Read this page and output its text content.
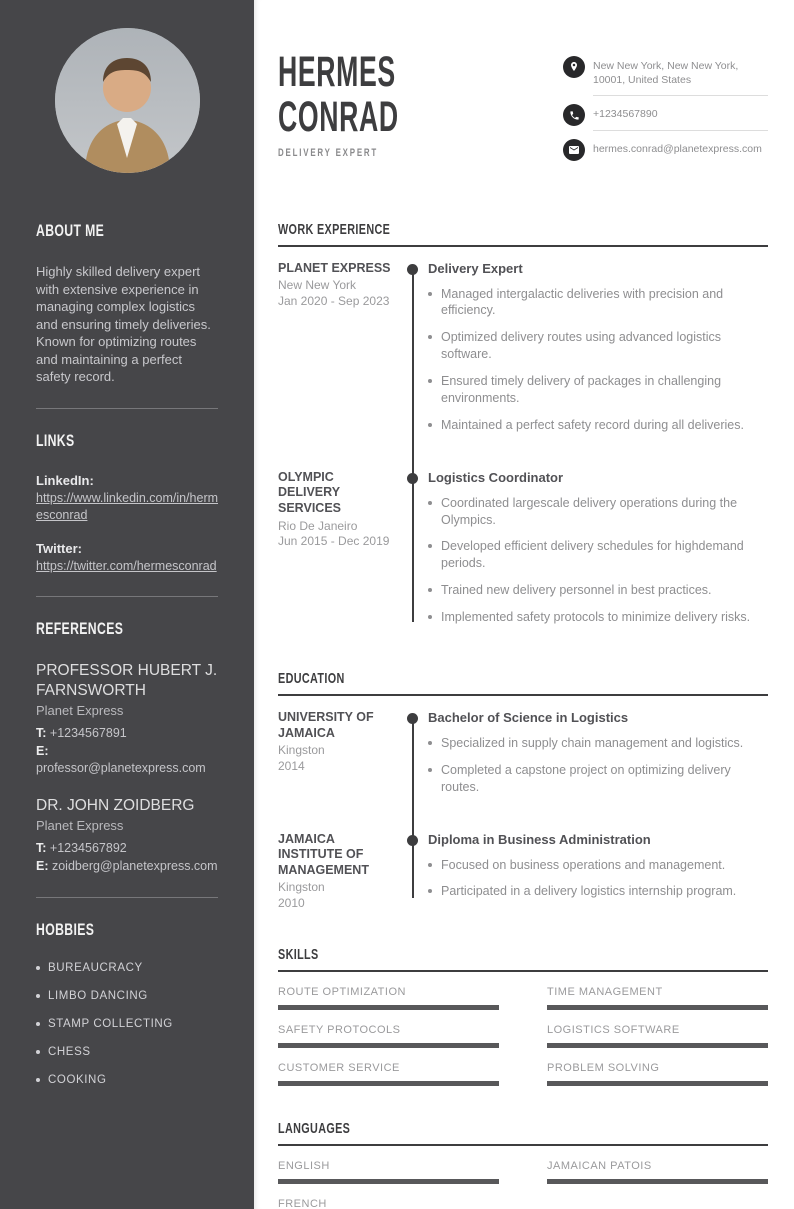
ABOUT ME

Highly skilled delivery expert with extensive experience in managing complex logistics and ensuring timely deliveries. Known for optimizing routes and maintaining a perfect safety record.

LINKS
LinkedIn:
https://www.linkedin.com/in/hermesconrad
Twitter:
https://twitter.com/hermesconrad
REFERENCES
PROFESSOR HUBERT J. FARNSWORTH
Planet Express
T: +1234567891
E: professor@planetexpress.com
DR. JOHN ZOIDBERG
Planet Express
T: +1234567892
E: zoidberg@planetexpress.com
HOBBIES
BUREAUCRACY
LIMBO DANCING
STAMP COLLECTING
CHESS
COOKING
HERMES
CONRAD
DELIVERY EXPERT
New New York, New New York, 10001, United States
+1234567890
hermes.conrad@planetexpress.com
WORK EXPERIENCE
PLANET EXPRESS
New New York
Jan 2020 - Sep 2023
Delivery Expert
Managed intergalactic deliveries with precision and efficiency.
Optimized delivery routes using advanced logistics software.
Ensured timely delivery of packages in challenging environments.
Maintained a perfect safety record during all deliveries.
OLYMPIC DELIVERY SERVICES
Rio De Janeiro
Jun 2015 - Dec 2019
Logistics Coordinator
Coordinated largescale delivery operations during the Olympics.
Developed efficient delivery schedules for highdemand periods.
Trained new delivery personnel in best practices.
Implemented safety protocols to minimize delivery risks.
EDUCATION
UNIVERSITY OF JAMAICA
Kingston
2014
Bachelor of Science in Logistics
Specialized in supply chain management and logistics.
Completed a capstone project on optimizing delivery routes.
JAMAICA INSTITUTE OF MANAGEMENT
Kingston
2010
Diploma in Business Administration
Focused on business operations and management.
Participated in a delivery logistics internship program.
SKILLS
ROUTE OPTIMIZATION	TIME MANAGEMENT
SAFETY PROTOCOLS	LOGISTICS SOFTWARE
CUSTOMER SERVICE	PROBLEM SOLVING
LANGUAGES
ENGLISH	JAMAICAN PATOIS
FRENCH
